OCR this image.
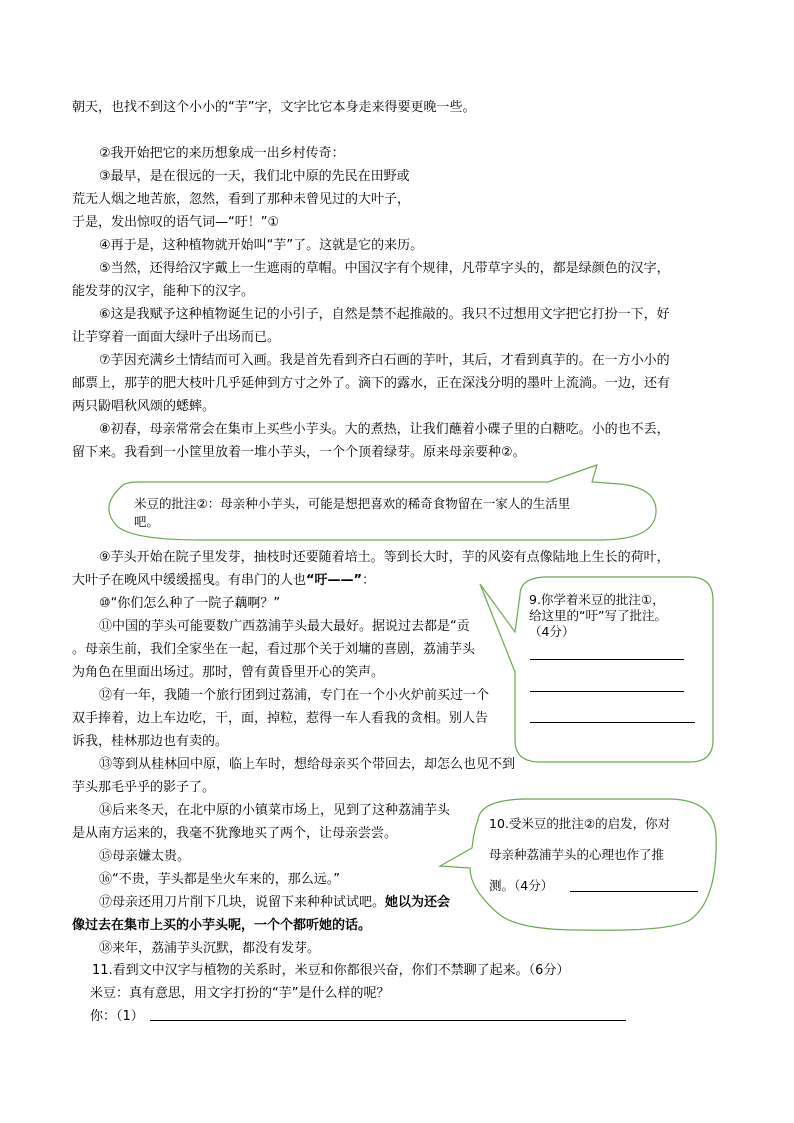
朝天，也找不到这个小小的“芋”字，文字比它本身走来得要更晚一些。
②我开始把它的来历想象成一出乡村传奇：
③最早，是在很远的一天，我们北中原的先民在田野或
荒无人烟之地苦旅，忽然，看到了那种未曾见过的大叶子，
于是，发出惊叹的语气词—“吁！”①
④再于是，这种植物就开始叫“芋”了。这就是它的来历。
⑤当然，还得给汉字戴上一生遮雨的草帽。中国汉字有个规律，凡带草字头的，都是绿颜色的汉字，
能发芽的汉字，能种下的汉字。
⑥这是我赋予这种植物诞生记的小引子，自然是禁不起推敲的。我只不过想用文字把它打扮一下，好
让芋穿着一面面大绿叶子出场而已。
⑦芋因充满乡土情结而可入画。我是首先看到齐白石画的芋叶，其后，才看到真芋的。在一方小小的
邮票上，那芋的肥大枝叶几乎延伸到方寸之外了。滴下的露水，正在深浅分明的墨叶上流淌。一边，还有
两只鼢唱秋风颂的蟋蟀。
⑧初春，母亲常常会在集市上买些小芋头。大的煮热，让我们蘸着小碟子里的白糖吃。小的也不丢，
留下来。我看到一小筐里放着一堆小芋头，一个个顶着绿芽。原来母亲要种②。
米豆的批注②：母亲种小芋头，可能是想把喜欢的稀奇食物留在一家人的生活里
吧。
⑨芋头开始在院子里发芽，抽枝时还要随着培土。等到长大时，芋的风姿有点像陆地上生长的荷叶，
大叶子在晚风中缓缓摇曳。有串门的人也“吁——”：
⑩“你们怎么种了一院子藕啊？”
⑪中国的芋头可能要数广西荔浦芋头最大最好。据说过去都是“贡
。母亲生前，我们全家坐在一起，看过那个关于刘墉的喜剧，荔浦芋头
为角色在里面出场过。那时，曾有黄昏里开心的笑声。
⑫有一年，我随一个旅行团到过荔浦，专门在一个小火炉前买过一个
双手捧着，边上车边吃，干，面，掉粒，惹得一车人看我的贪相。别人告
诉我，桂林那边也有卖的。
⑬等到从桂林回中原，临上车时，想给母亲买个带回去，却怎么也见不到
芋头那毛乎乎的影子了。
⑭后来冬天，在北中原的小镇菜市场上，见到了这种荔浦芋头
是从南方运来的，我毫不犹豫地买了两个，让母亲尝尝。
⑮母亲嫌太贵。
⑯“不贵，芋头都是坐火车来的，那么远。”
⑰母亲还用刀片削下几块，说留下来种种试试吧。她以为还会
像过去在集市上买的小芋头呢，一个个都听她的话。
⑱来年，荔浦芋头沉默，都没有发芽。
9.你学着米豆的批注①，
给这里的“吁”写了批注。
（4分）
10.受米豆的批注②的启发，你对
母亲种荔浦芋头的心理也作了推
测。（4分）
11.看到文中汉字与植物的关系时，米豆和你都很兴奋，你们不禁聊了起来。（6分）
米豆：真有意思，用文字打扮的“芋”是什么样的呢？
你：（1）
